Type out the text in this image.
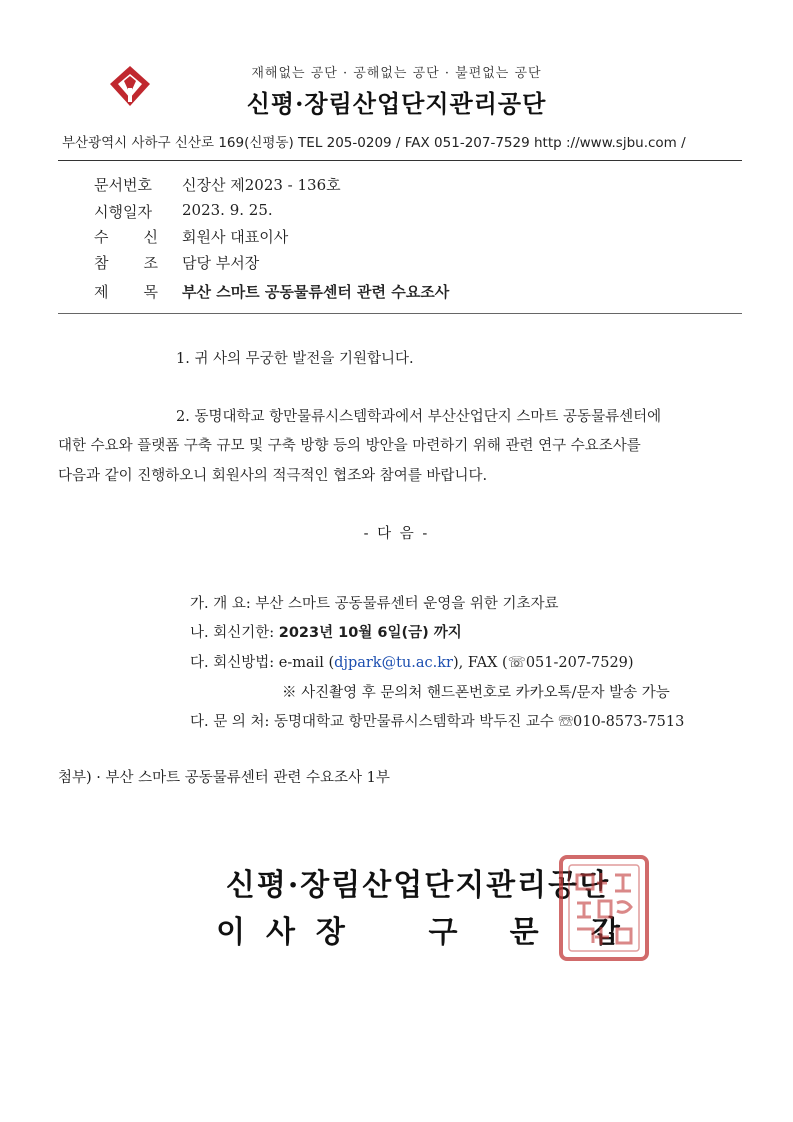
재해없는 공단 · 공해없는 공단 · 불편없는 공단
신평·장림산업단지관리공단
부산광역시 사하구 신산로 169(신평동) TEL 205-0209 / FAX 051-207-7529 http ://www.sjbu.com /
문서번호	신장산 제2023 - 136호
시행일자	2023. 9. 25.
수 신 회원사 대표이사
참 조 담당 부서장
제 목 부산 스마트 공동물류센터 관련 수요조사
1. 귀 사의 무궁한 발전을 기원합니다.
2. 동명대학교 항만물류시스템학과에서 부산산업단지 스마트 공동물류센터에
대한 수요와 플랫폼 구축 규모 및 구축 방향 등의 방안을 마련하기 위해 관련 연구 수요조사를
다음과 같이 진행하오니 회원사의 적극적인 협조와 참여를 바랍니다.
- 다 음 -
가. 개 요: 부산 스마트 공동물류센터 운영을 위한 기초자료
나. 회신기한: 2023년 10월 6일(금) 까지
다. 회신방법: e-mail (djpark@tu.ac.kr), FAX (☏051-207-7529)
※ 사진촬영 후 문의처 핸드폰번호로 카카오톡/문자 발송 가능
다. 문 의 처: 동명대학교 항만물류시스템학과 박두진 교수 ☏010-8573-7513
첨부) · 부산 스마트 공동물류센터 관련 수요조사 1부
신평·장림산업단지관리공단
이 사 장	구 문 갑
